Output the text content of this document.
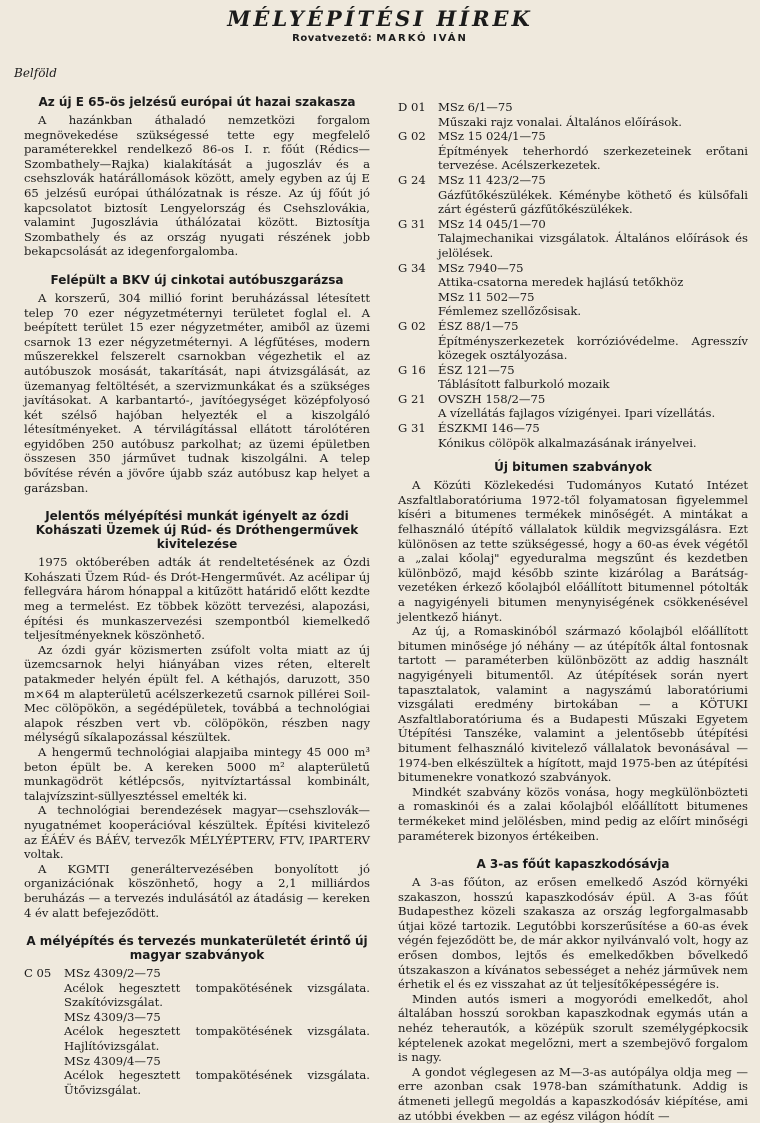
MÉLYÉPÍTÉSI HÍREK
Rovatvezető: MARKÓ IVÁN
Belföld
Az új E 65-ös jelzésű európai út hazai szakasza

A hazánkban áthaladó nemzetközi forgalom megnövekedése szükségessé tette egy megfelelő paraméterekkel rendelkező 86-os I. r. főút (Rédics—Szombathely—Rajka) kialakítását a jugoszláv és a csehszlovák határállomások között, amely egyben az új E 65 jelzésű európai úthálózatnak is része. Az új főút jó kapcsolatot biztosít Lengyelország és Csehszlovákia, valamint Jugoszlávia úthálózatai között. Biztosítja Szombathely és az ország nyugati részének jobb bekapcsolását az idegenforgalomba.

Felépült a BKV új cinkotai autóbuszgarázsa

A korszerű, 304 millió forint beruházással létesített telep 70 ezer négyzetméternyi területet foglal el. A beépített terület 15 ezer négyzetméter, amiből az üzemi csarnok 13 ezer négyzetméternyi. A légfűtéses, modern műszerekkel felszerelt csarnokban végezhetik el az autóbuszok mosását, takarítását, napi átvizsgálását, az üzemanyag feltöltését, a szervizmunkákat és a szükséges javításokat. A karbantartó-, javítóegységet középfolyosó két szélső hajóban helyezték el a kiszolgáló létesítményeket. A térvilágítással ellátott tárolótéren egyidőben 250 autóbusz parkolhat; az üzemi épületben összesen 350 járművet tudnak kiszolgálni. A telep bővítése révén a jövőre újabb száz autóbusz kap helyet a garázsban.

Jelentős mélyépítési munkát igényelt az ózdi Kohászati Üzemek új Rúd- és Dróthengerművek kivitelezése

1975 októberében adták át rendeltetésének az Ózdi Kohászati Üzem Rúd- és Drót-Hengerművét. Az acélipar új fellegvára három hónappal a kitűzött határidő előtt kezdte meg a termelést. Ez többek között tervezési, alapozási, építési és munkaszervezési szempontból kiemelkedő teljesítményeknek köszönhető.

Az ózdi gyár közismerten zsúfolt volta miatt az új üzemcsarnok helyi hiányában vizes réten, elterelt patakmeder helyén épült fel. A kéthajós, daruzott, 350 m×64 m alapterületű acélszerkezetű csarnok pillérei Soil-Mec cölöpökön, a segédépületek, továbbá a technológiai alapok részben vert vb. cölöpökön, részben nagy mélységű síkalapozással készültek.

A hengermű technológiai alapjaiba mintegy 45 000 m³ beton épült be. A kereken 5000 m² alapterületű munkagödröt kétlépcsős, nyitvíztartással kombinált, talajvízszint-süllyesztéssel emelték ki.

A technológiai berendezések magyar—csehszlovák—nyugatnémet kooperációval készültek. Építési kivitelező az ÉÁÉV és BÁÉV, tervezők MÉLYÉPTERV, FTV, IPARTERV voltak.

A KGMTI generáltervezésében bonyolított jó organizációnak köszönhető, hogy a 2,1 milliárdos beruházás — a tervezés indulásától az átadásig — kereken 4 év alatt befejeződött.

A mélyépítés és tervezés munkaterületét érintő új magyar szabványok
C 05 MSz 4309/2—75
Acélok hegesztett tompakötésének vizsgálata. Szakítóvizsgálat.
MSz 4309/3—75
Acélok hegesztett tompakötésének vizsgálata. Hajlítóvizsgálat.
MSz 4309/4—75
Acélok hegesztett tompakötésének vizsgálata. Ütővizsgálat.
D 01 MSz 6/1—75
Műszaki rajz vonalai. Általános előírások.
G 02 MSz 15 024/1—75
Építmények teherhordó szerkezeteinek erőtani tervezése. Acélszerkezetek.
G 24 MSz 11 423/2—75
Gázfűtőkészülékek. Kéménybe köthető és külsőfali zárt égésterű gázfűtőkészülékek.
G 31 MSz 14 045/1—70
Talajmechanikai vizsgálatok. Általános előírások és jelölések.
G 34 MSz 7940—75
Attika-csatorna meredek hajlású tetőkhöz
MSz 11 502—75
Fémlemez szellőzősisak.
G 02 ÉSZ 88/1—75
Építményszerkezetek korrózióvédelme. Agresszív közegek osztályozása.
G 16 ÉSZ 121—75
Táblásított falburkoló mozaik
G 21 OVSZH 158/2—75
A vízellátás fajlagos vízigényei. Ipari vízellátás.
G 31 ÉSZKMI 146—75
Kónikus cölöpök alkalmazásának irányelvei.
Új bitumen szabványok

A Közúti Közlekedési Tudományos Kutató Intézet Aszfaltlaboratóriuma 1972-től folyamatosan figyelemmel kíséri a bitumenes termékek minőségét. A mintákat a felhasználó útépítő vállalatok küldik megvizsgálásra. Ezt különösen az tette szükségessé, hogy a 60-as évek végétől a „zalai kőolaj" egyeduralma megszűnt és kezdetben különböző, majd később szinte kizárólag a Barátság-vezetéken érkező kőolajból előállított bitumennel pótolták a nagyigényeli bitumen menynyiségének csökkenésével jelentkező hiányt.

Az új, a Romaskinóból származó kőolajból előállított bitumen minősége jó néhány — az útépítők által fontosnak tartott — paraméterben különbözött az addig használt nagyigényeli bitumentől. Az útépítések során nyert tapasztalatok, valamint a nagyszámú laboratóriumi vizsgálati eredmény birtokában — a KÖTUKI Aszfaltlaboratóriuma és a Budapesti Műszaki Egyetem Útépítési Tanszéke, valamint a jelentősebb útépítési bitument felhasználó kivitelező vállalatok bevonásával — 1974-ben elkészültek a hígított, majd 1975-ben az útépítési bitumenekre vonatkozó szabványok.

Mindkét szabvány közös vonása, hogy megkülönbözteti a romaskinói és a zalai kőolajból előállított bitumenes termékeket mind jelölésben, mind pedig az előírt minőségi paraméterek bizonyos értékeiben.

A 3-as főút kapaszkodósávja

A 3-as főúton, az erősen emelkedő Aszód környéki szakaszon, hosszú kapaszkodósáv épül. A 3-as főút Budapesthez közeli szakasza az ország legforgalmasabb útjai közé tartozik. Legutóbbi korszerűsítése a 60-as évek végén fejeződött be, de már akkor nyilvánvaló volt, hogy az erősen dombos, lejtős és emelkedőkben bővelkedő útszakaszon a kívánatos sebességet a nehéz járművek nem érhetik el és ez visszahat az út teljesítőképességére is.

Minden autós ismeri a mogyoródi emelkedőt, ahol általában hosszú sorokban kapaszkodnak egymás után a nehéz teherautók, a középük szorult személygépkocsik képtelenek azokat megelőzni, mert a szembejövő forgalom is nagy.

A gondot véglegesen az M—3-as autópálya oldja meg — erre azonban csak 1978-ban számíthatunk. Addig is átmeneti jellegű megoldás a kapaszkodósáv kiépítése, ami az utóbbi években — az egész világon hódít —
